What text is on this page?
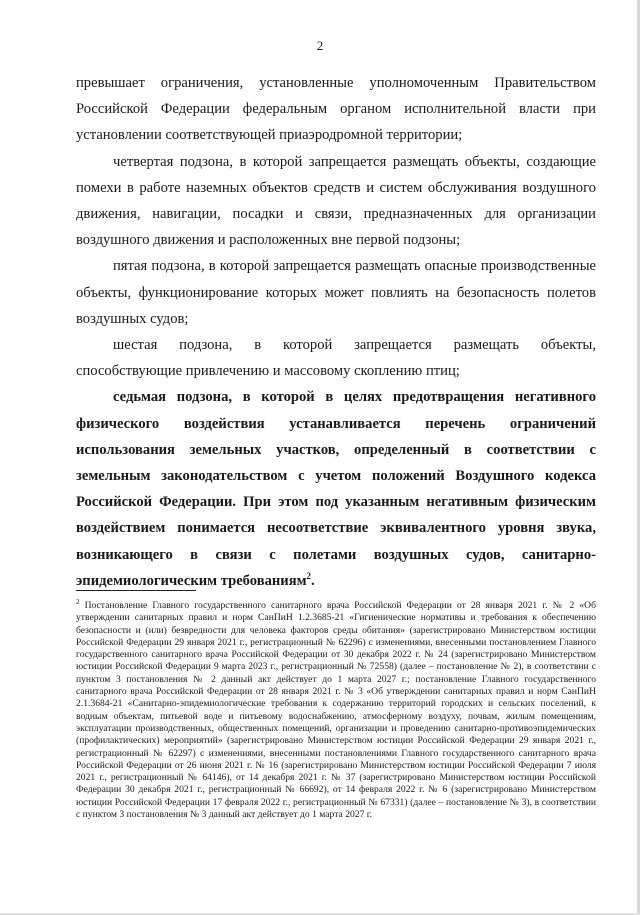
2

превышает ограничения, установленные уполномоченным Правительством Российской Федерации федеральным органом исполнительной власти при установлении соответствующей приаэродромной территории;

четвертая подзона, в которой запрещается размещать объекты, создающие помехи в работе наземных объектов средств и систем обслуживания воздушного движения, навигации, посадки и связи, предназначенных для организации воздушного движения и расположенных вне первой подзоны;

пятая подзона, в которой запрещается размещать опасные производственные объекты, функционирование которых может повлиять на безопасность полетов воздушных судов;

шестая подзона, в которой запрещается размещать объекты, способствующие привлечению и массовому скоплению птиц;

седьмая подзона, в которой в целях предотвращения негативного физического воздействия устанавливается перечень ограничений использования земельных участков, определенный в соответствии с земельным законодательством с учетом положений Воздушного кодекса Российской Федерации. При этом под указанным негативным физическим воздействием понимается несоответствие эквивалентного уровня звука, возникающего в связи с полетами воздушных судов, санитарно-эпидемиологическим требованиям$^2$.

$^2$ Постановление Главного государственного санитарного врача Российской Федерации от 28 января 2021 г. № 2 «Об утверждении санитарных правил и норм СанПиН 1.2.3685-21 «Гигиенические нормативы и требования к обеспечению безопасности и (или) безвредности для человека факторов среды обитания» (зарегистрировано Министерством юстиции Российской Федерации 29 января 2021 г., регистрационный № 62296) с изменениями, внесенными постановлением Главного государственного санитарного врача Российской Федерации от 30 декабря 2022 г. № 24 (зарегистрировано Министерством юстиции Российской Федерации 9 марта 2023 г., регистрационный № 72558) (далее – постановление № 2), в соответствии с пунктом 3 постановления № 2 данный акт действует до 1 марта 2027 г.; постановление Главного государственного санитарного врача Российской Федерации от 28 января 2021 г. № 3 «Об утверждении санитарных правил и норм СанПиН 2.1.3684-21 «Санитарно-эпидемиологические требования к содержанию территорий городских и сельских поселений, к водным объектам, питьевой воде и питьевому водоснабжению, атмосферному воздуху, почвам, жилым помещениям, эксплуатации производственных, общественных помещений, организации и проведению санитарно-противоэпидемических (профилактических) мероприятий» (зарегистрировано Министерством юстиции Российской Федерации 29 января 2021 г., регистрационный № 62297) с изменениями, внесенными постановлениями Главного государственного санитарного врача Российской Федерации от 26 июня 2021 г. № 16 (зарегистрировано Министерством юстиции Российской Федерации 7 июля 2021 г., регистрационный № 64146), от 14 декабря 2021 г. № 37 (зарегистрировано Министерством юстиции Российской Федерации 30 декабря 2021 г., регистрационный № 66692), от 14 февраля 2022 г. № 6 (зарегистрировано Министерством юстиции Российской Федерации 17 февраля 2022 г., регистрационный № 67331) (далее – постановление № 3), в соответствии с пунктом 3 постановления № 3 данный акт действует до 1 марта 2027 г.
